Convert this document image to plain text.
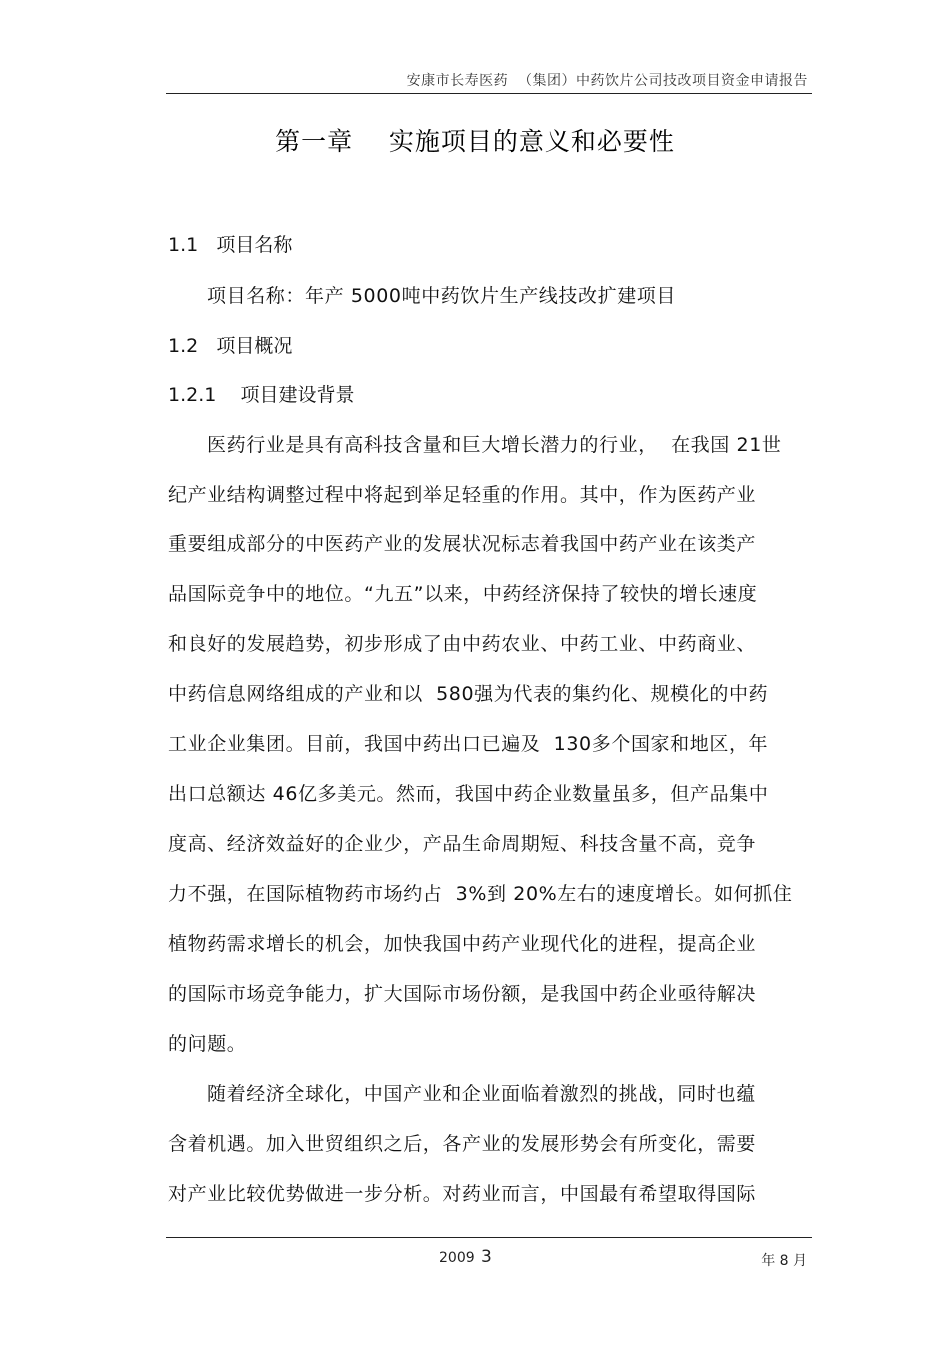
安康市长寿医药  （集团）中药饮片公司技改项目资金申请报告
第一章    实施项目的意义和必要性
1.1   项目名称
项目名称：年产 5000吨中药饮片生产线技改扩建项目
1.2   项目概况
1.2.1    项目建设背景
医药行业是具有高科技含量和巨大增长潜力的行业，  在我国 21世
纪产业结构调整过程中将起到举足轻重的作用。其中，作为医药产业
重要组成部分的中医药产业的发展状况标志着我国中药产业在该类产
品国际竞争中的地位。“九五”以来，中药经济保持了较快的增长速度
和良好的发展趋势，初步形成了由中药农业、中药工业、中药商业、
中药信息网络组成的产业和以  580强为代表的集约化、规模化的中药
工业企业集团。目前，我国中药出口已遍及  130多个国家和地区，年
出口总额达 46亿多美元。然而，我国中药企业数量虽多，但产品集中
度高、经济效益好的企业少，产品生命周期短、科技含量不高，竞争
力不强，在国际植物药市场约占  3%到 20%左右的速度增长。如何抓住
植物药需求增长的机会，加快我国中药产业现代化的进程，提高企业
的国际市场竞争能力，扩大国际市场份额，是我国中药企业亟待解决
的问题。
随着经济全球化，中国产业和企业面临着激烈的挑战，同时也蕴
含着机遇。加入世贸组织之后，各产业的发展形势会有所变化，需要
对产业比较优势做进一步分析。对药业而言，中国最有希望取得国际
2009 3	年 8 月
